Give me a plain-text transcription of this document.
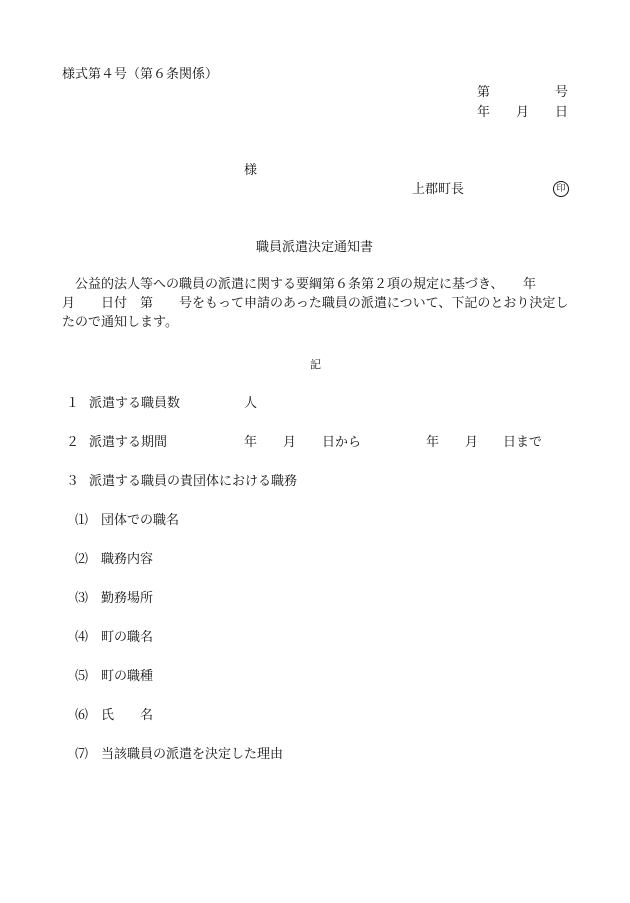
様式第４号（第６条関係）
第	号
年 月 日
様
上郡町長	印
職員派遣決定通知書
公益的法人等への職員の派遣に関する要綱第６条第２項の規定に基づき、　　年
月　　日付　第　　号をもって申請のあった職員の派遣について、下記のとおり決定し
たので通知します。
記
１ 派遣する職員数	人
２ 派遣する期間	年 月 日から	年 月 日まで
３ 派遣する職員の貴団体における職務
⑴ 団体での職名
⑵ 職務内容
⑶ 勤務場所
⑷ 町の職名
⑸ 町の職種
⑹ 氏　　名
⑺ 当該職員の派遣を決定した理由
